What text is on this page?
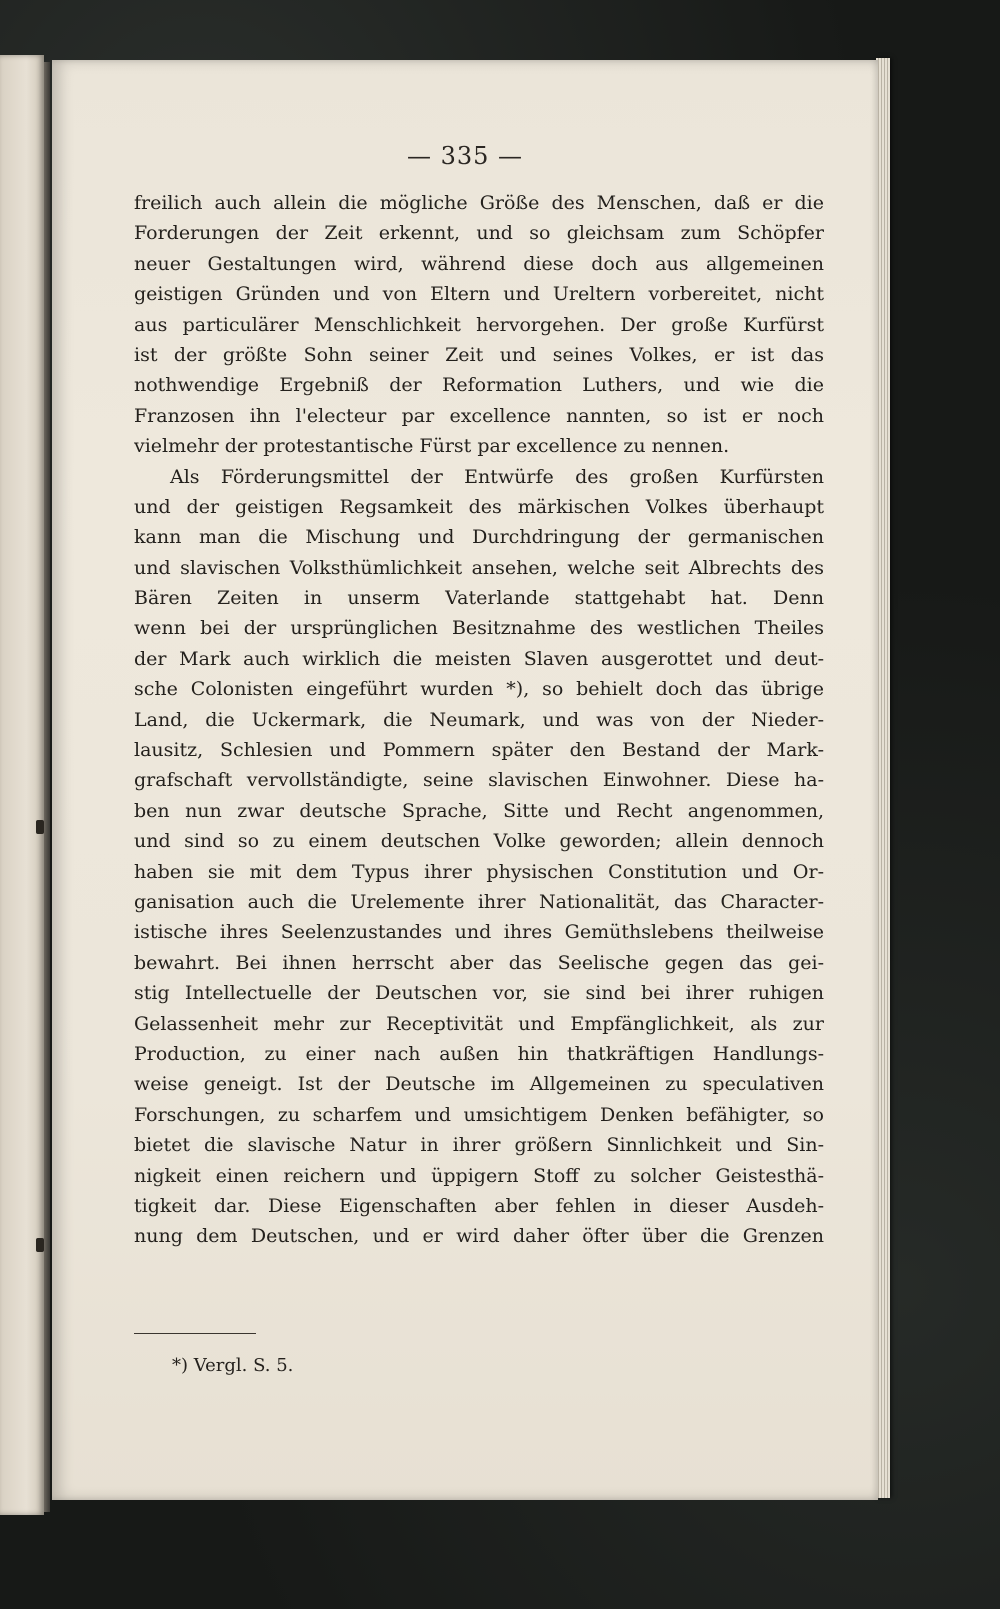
— 335 —
freilich auch allein die mögliche Größe des Menschen, daß er die
Forderungen der Zeit erkennt, und so gleichsam zum Schöpfer
neuer Gestaltungen wird, während diese doch aus allgemeinen
geistigen Gründen und von Eltern und Ureltern vorbereitet, nicht
aus particulärer Menschlichkeit hervorgehen. Der große Kurfürst
ist der größte Sohn seiner Zeit und seines Volkes, er ist das
nothwendige Ergebniß der Reformation Luthers, und wie die
Franzosen ihn l'electeur par excellence nannten, so ist er noch
vielmehr der protestantische Fürst par excellence zu nennen.
Als Förderungsmittel der Entwürfe des großen Kurfürsten
und der geistigen Regsamkeit des märkischen Volkes überhaupt
kann man die Mischung und Durchdringung der germanischen
und slavischen Volksthümlichkeit ansehen, welche seit Albrechts des
Bären Zeiten in unserm Vaterlande stattgehabt hat. Denn
wenn bei der ursprünglichen Besitznahme des westlichen Theiles
der Mark auch wirklich die meisten Slaven ausgerottet und deut-
sche Colonisten eingeführt wurden *), so behielt doch das übrige
Land, die Uckermark, die Neumark, und was von der Nieder-
lausitz, Schlesien und Pommern später den Bestand der Mark-
grafschaft vervollständigte, seine slavischen Einwohner. Diese ha-
ben nun zwar deutsche Sprache, Sitte und Recht angenommen,
und sind so zu einem deutschen Volke geworden; allein dennoch
haben sie mit dem Typus ihrer physischen Constitution und Or-
ganisation auch die Urelemente ihrer Nationalität, das Character-
istische ihres Seelenzustandes und ihres Gemüthslebens theilweise
bewahrt. Bei ihnen herrscht aber das Seelische gegen das gei-
stig Intellectuelle der Deutschen vor, sie sind bei ihrer ruhigen
Gelassenheit mehr zur Receptivität und Empfänglichkeit, als zur
Production, zu einer nach außen hin thatkräftigen Handlungs-
weise geneigt. Ist der Deutsche im Allgemeinen zu speculativen
Forschungen, zu scharfem und umsichtigem Denken befähigter, so
bietet die slavische Natur in ihrer größern Sinnlichkeit und Sin-
nigkeit einen reichern und üppigern Stoff zu solcher Geistesthä-
tigkeit dar. Diese Eigenschaften aber fehlen in dieser Ausdeh-
nung dem Deutschen, und er wird daher öfter über die Grenzen
*) Vergl. S. 5.
